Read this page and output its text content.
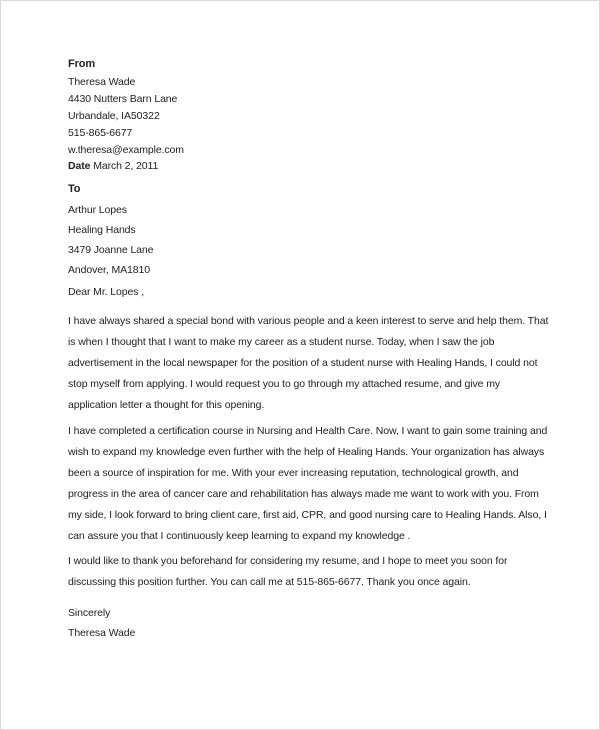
From
Theresa Wade
4430 Nutters Barn Lane
Urbandale, IA50322
515-865-6677
w.theresa@example.com
Date March 2, 2011
To
Arthur Lopes
Healing Hands
3479 Joanne Lane
Andover, MA1810
Dear Mr. Lopes ,
I have always shared a special bond with various people and a keen interest to serve and help them. That
is when I thought that I want to make my career as a student nurse. Today, when I saw the job
advertisement in the local newspaper for the position of a student nurse with Healing Hands, I could not
stop myself from applying. I would request you to go through my attached resume, and give my
application letter a thought for this opening.
I have completed a certification course in Nursing and Health Care. Now, I want to gain some training and
wish to expand my knowledge even further with the help of Healing Hands. Your organization has always
been a source of inspiration for me. With your ever increasing reputation, technological growth, and
progress in the area of cancer care and rehabilitation has always made me want to work with you. From
my side, I look forward to bring client care, first aid, CPR, and good nursing care to Healing Hands. Also, I
can assure you that I continuously keep learning to expand my knowledge .
I would like to thank you beforehand for considering my resume, and I hope to meet you soon for
discussing this position further. You can call me at 515-865-6677. Thank you once again.
Sincerely
Theresa Wade
